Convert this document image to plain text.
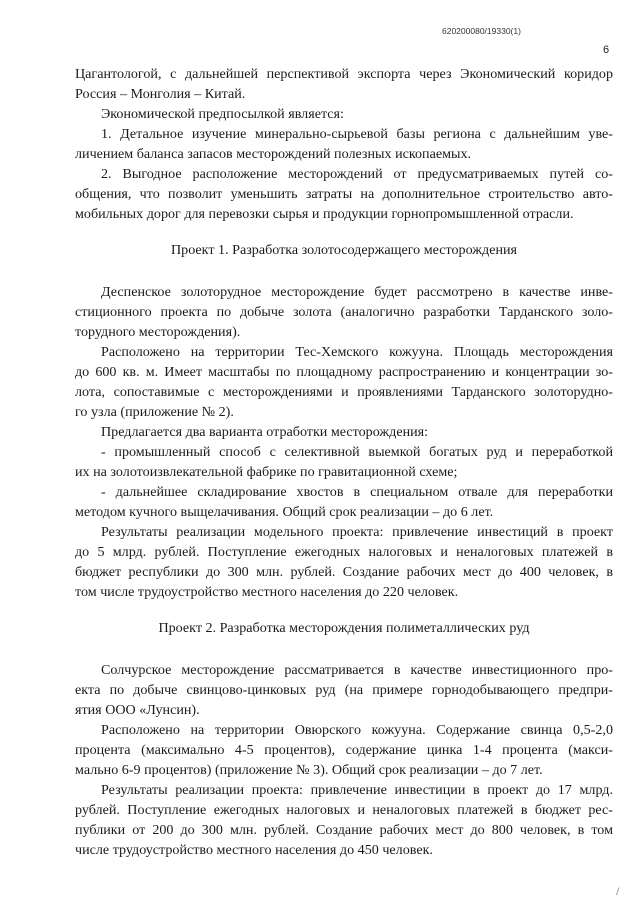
620200080/19330(1)
6
Цагантологой, с дальнейшей перспективой экспорта через Экономический коридор
Россия – Монголия – Китай.
Экономической предпосылкой является:
1. Детальное изучение минерально-сырьевой базы региона с дальнейшим уве-
личением баланса запасов месторождений полезных ископаемых.
2. Выгодное расположение месторождений от предусматриваемых путей со-
общения, что позволит уменьшить затраты на дополнительное строительство авто-
мобильных дорог для перевозки сырья и продукции горнопромышленной отрасли.
Проект 1. Разработка золотосодержащего месторождения
Деспенское золоторудное месторождение будет рассмотрено в качестве инве-
стиционного проекта по добыче золота (аналогично разработки Тарданского золо-
торудного месторождения).
Расположено на территории Тес-Хемского кожууна. Площадь месторождения
до 600 кв. м. Имеет масштабы по площадному распространению и концентрации зо-
лота, сопоставимые с месторождениями и проявлениями Тарданского золоторудно-
го узла (приложение № 2).
Предлагается два варианта отработки месторождения:
- промышленный способ с селективной выемкой богатых руд и переработкой
их на золотоизвлекательной фабрике по гравитационной схеме;
- дальнейшее складирование хвостов в специальном отвале для переработки
методом кучного выщелачивания. Общий срок реализации – до 6 лет.
Результаты реализации модельного проекта: привлечение инвестиций в проект
до 5 млрд. рублей. Поступление ежегодных налоговых и неналоговых платежей в
бюджет республики до 300 млн. рублей. Создание рабочих мест до 400 человек, в
том числе трудоустройство местного населения до 220 человек.
Проект 2. Разработка месторождения полиметаллических руд
Солчурское месторождение рассматривается в качестве инвестиционного про-
екта по добыче свинцово-цинковых руд (на примере горнодобывающего предпри-
ятия ООО «Лунсин).
Расположено на территории Овюрского кожууна. Содержание свинца 0,5-2,0
процента (максимально 4-5 процентов), содержание цинка 1-4 процента (макси-
мально 6-9 процентов) (приложение № 3). Общий срок реализации – до 7 лет.
Результаты реализации проекта: привлечение инвестиции в проект до 17 млрд.
рублей. Поступление ежегодных налоговых и неналоговых платежей в бюджет рес-
публики от 200 до 300 млн. рублей. Создание рабочих мест до 800 человек, в том
числе трудоустройство местного населения до 450 человек.
/
